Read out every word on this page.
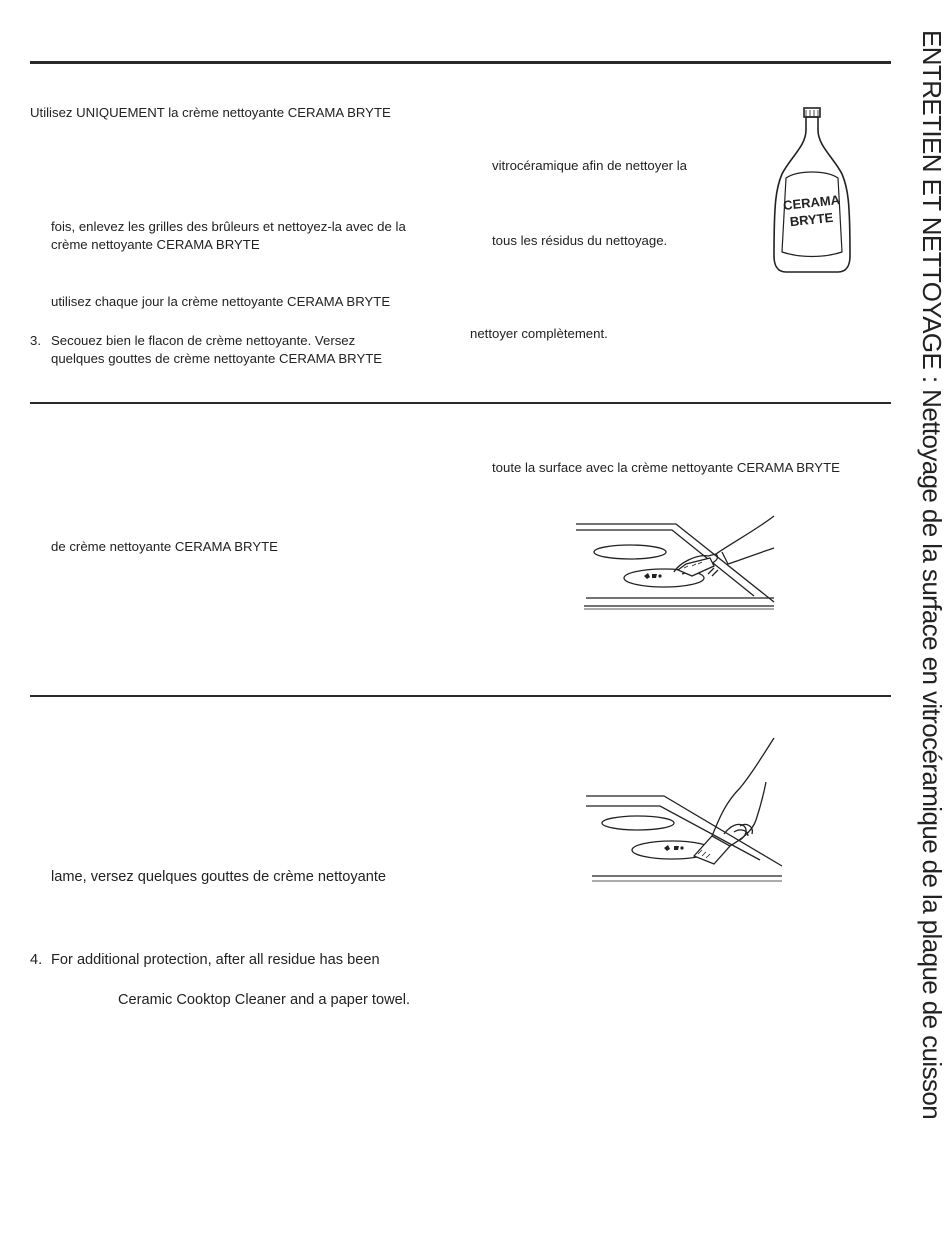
ENTRETIEN ET NETTOYAGE : Nettoyage de la surface en vitrocéramique de la plaque de cuisson
Utilisez UNIQUEMENT la crème nettoyante CERAMA BRYTE
fois, enlevez les grilles des brûleurs et nettoyez-la avec de la
crème nettoyante CERAMA BRYTE
utilisez chaque jour la crème nettoyante CERAMA BRYTE
3. Secouez bien le flacon de crème nettoyante. Versez
quelques gouttes de crème nettoyante CERAMA BRYTE
vitrocéramique afin de nettoyer la
tous les résidus du nettoyage.
nettoyer complètement.
CERAMA
BRYTE
toute la surface avec la crème nettoyante CERAMA BRYTE
de crème nettoyante CERAMA BRYTE
lame, versez quelques gouttes de crème nettoyante
4. For additional protection, after all residue has been
Ceramic Cooktop Cleaner and a paper towel.
